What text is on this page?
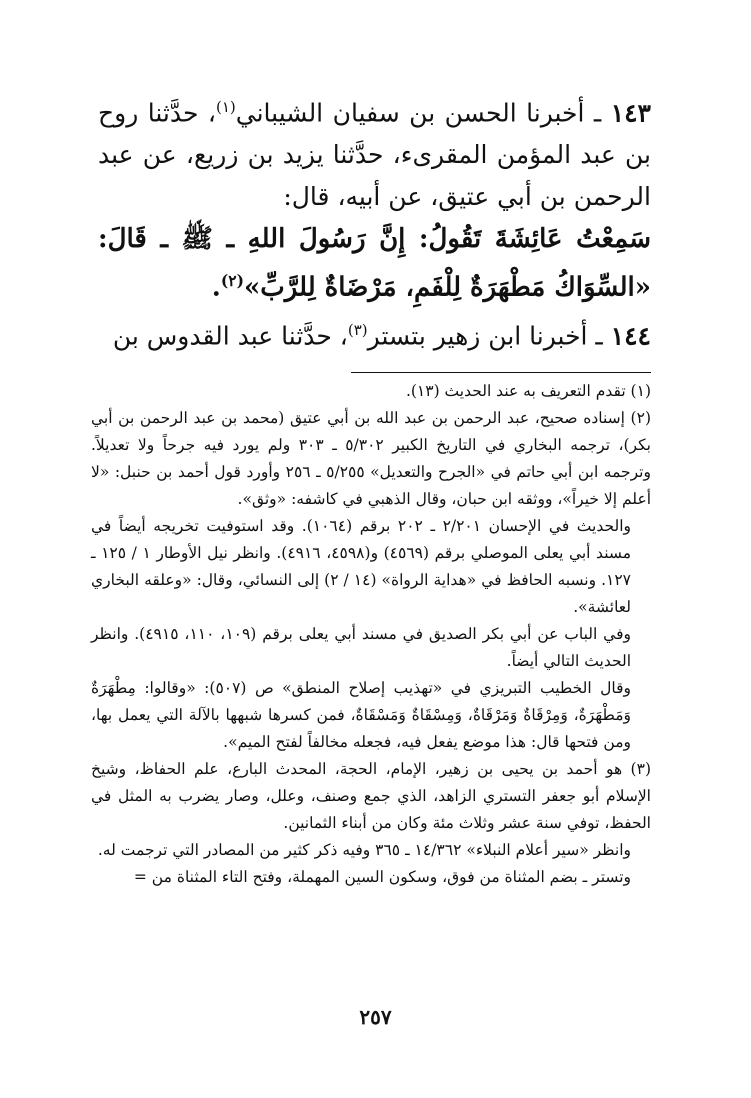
١٤٣ ـ أخبرنا الحسن بن سفيان الشيباني$^{(١)}$، حدَّثنا روح بن عبد المؤمن المقرىء، حدَّثنا يزيد بن زريع، عن عبد الرحمن بن أبي عتيق، عن أبيه، قال:

سَمِعْتُ عَائِشَةَ تَقُولُ: إِنَّ رَسُولَ اللهِ ـ ﷺ ـ قَالَ: «السِّوَاكُ مَطْهَرَةٌ لِلْفَمِ، مَرْضَاةٌ لِلرَّبِّ»$^{(٢)}$.

١٤٤ ـ أخبرنا ابن زهير بتستر$^{(٣)}$، حدَّثنا عبد القدوس بن

(١) تقدم التعريف به عند الحديث (١٣).

(٢) إسناده صحيح، عبد الرحمن بن عبد الله بن أبي عتيق (محمد بن عبد الرحمن بن أبي بكر)، ترجمه البخاري في التاريخ الكبير ٥/٣٠٢ ـ ٣٠٣ ولم يورد فيه جرحاً ولا تعديلاً. وترجمه ابن أبي حاتم في «الجرح والتعديل» ٥/٢٥٥ ـ ٢٥٦ وأورد قول أحمد بن حنبل: «لا أعلم إلا خيراً»، ووثقه ابن حبان، وقال الذهبي في كاشفه: «وثق».

والحديث في الإحسان ٢/٢٠١ ـ ٢٠٢ برقم (١٠٦٤). وقد استوفيت تخريجه أيضاً في مسند أبي يعلى الموصلي برقم (٤٥٦٩) و(٤٥٩٨، ٤٩١٦). وانظر نيل الأوطار ١ / ١٢٥ ـ ١٢٧. ونسبه الحافظ في «هداية الرواة» (١٤ / ٢) إلى النسائي، وقال: «وعلقه البخاري لعائشة».

وفي الباب عن أبي بكر الصديق في مسند أبي يعلى برقم (١٠٩، ١١٠، ٤٩١٥). وانظر الحديث التالي أيضاً.

وقال الخطيب التبريزي في «تهذيب إصلاح المنطق» ص (٥٠٧): «وقالوا: مِطْهَرَةٌ وَمَطْهَرَةٌ، وَمِرْقَاةٌ وَمَرْقَاةٌ، وَمِسْقَاةٌ وَمَسْقَاةٌ، فمن كسرها شبهها بالآلة التي يعمل بها، ومن فتحها قال: هذا موضع يفعل فيه، فجعله مخالفاً لفتح الميم».

(٣) هو أحمد بن يحيى بن زهير، الإمام، الحجة، المحدث البارع، علم الحفاظ، وشيخ الإسلام أبو جعفر التستري الزاهد، الذي جمع وصنف، وعلل، وصار يضرب به المثل في الحفظ، توفي سنة عشر وثلاث مئة وكان من أبناء الثمانين.

وانظر «سير أعلام النبلاء» ١٤/٣٦٢ ـ ٣٦٥ وفيه ذكر كثير من المصادر التي ترجمت له.

وتستر ـ بضم المثناة من فوق، وسكون السين المهملة، وفتح التاء المثناة من =

٢٥٧
